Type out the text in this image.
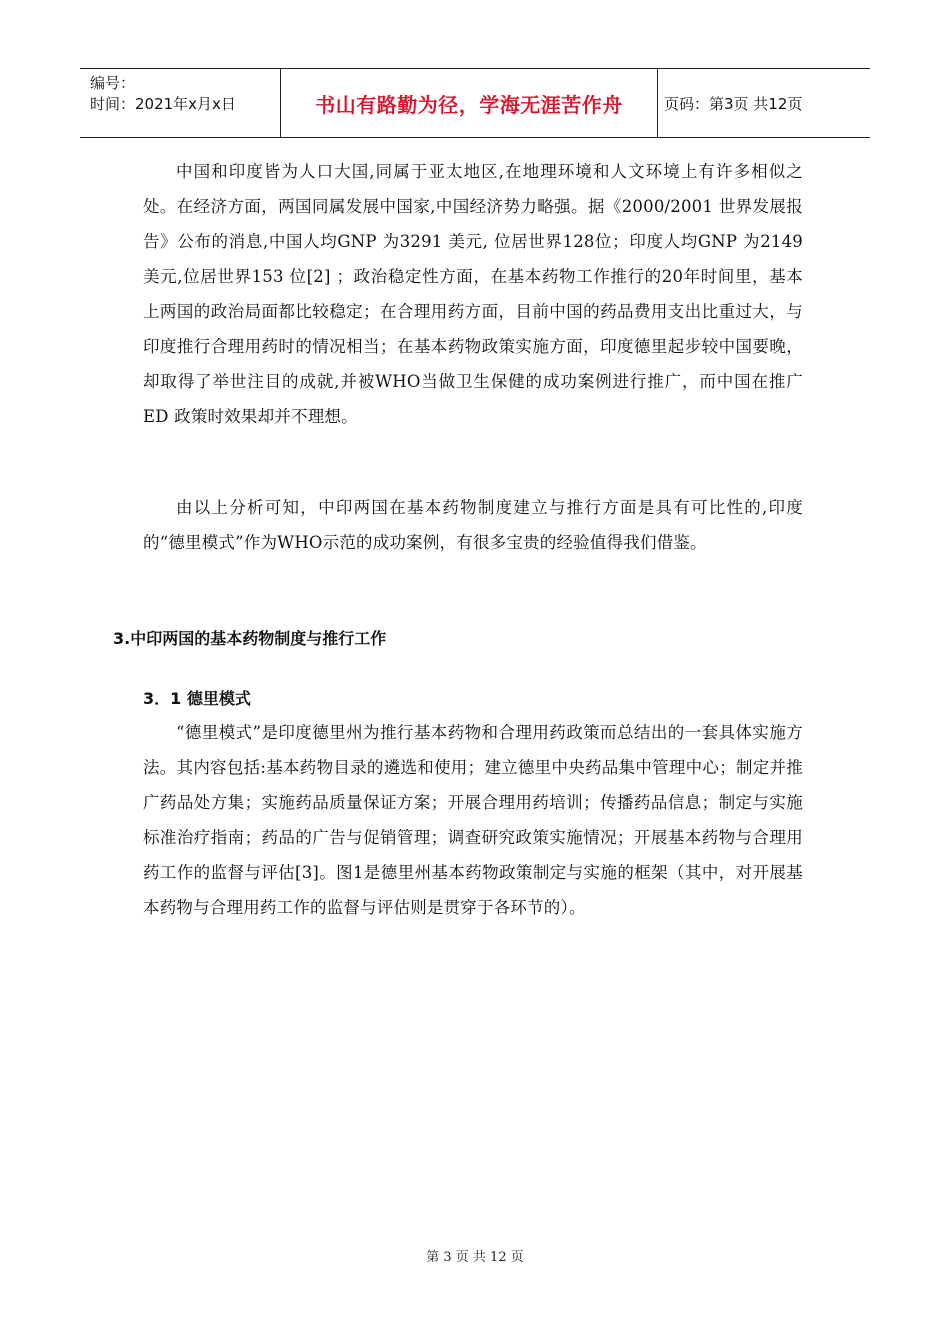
编号：
时间：2021年x月x日	书山有路勤为径，学海无涯苦作舟	页码：第3页 共12页

中国和印度皆为人口大国,同属于亚太地区,在地理环境和人文环境上有许多相似之处。在经济方面，两国同属发展中国家,中国经济势力略强。据《2000/2001 世界发展报告》公布的消息,中国人均GNP 为3291 美元, 位居世界128位；印度人均GNP 为2149 美元,位居世界153 位[2] ；政治稳定性方面，在基本药物工作推行的20年时间里，基本上两国的政治局面都比较稳定；在合理用药方面，目前中国的药品费用支出比重过大，与印度推行合理用药时的情况相当；在基本药物政策实施方面，印度德里起步较中国要晚，却取得了举世注目的成就,并被WHO当做卫生保健的成功案例进行推广，而中国在推广ED 政策时效果却并不理想。

由以上分析可知，中印两国在基本药物制度建立与推行方面是具有可比性的,印度的“德里模式”作为WHO示范的成功案例，有很多宝贵的经验值得我们借鉴。

3.中印两国的基本药物制度与推行工作
3．1 德里模式

“德里模式”是印度德里州为推行基本药物和合理用药政策而总结出的一套具体实施方法。其内容包括:基本药物目录的遴选和使用；建立德里中央药品集中管理中心；制定并推广药品处方集；实施药品质量保证方案；开展合理用药培训；传播药品信息；制定与实施标准治疗指南；药品的广告与促销管理；调查研究政策实施情况；开展基本药物与合理用药工作的监督与评估[3]。图1是德里州基本药物政策制定与实施的框架（其中，对开展基本药物与合理用药工作的监督与评估则是贯穿于各环节的）。

第 3 页 共 12 页
